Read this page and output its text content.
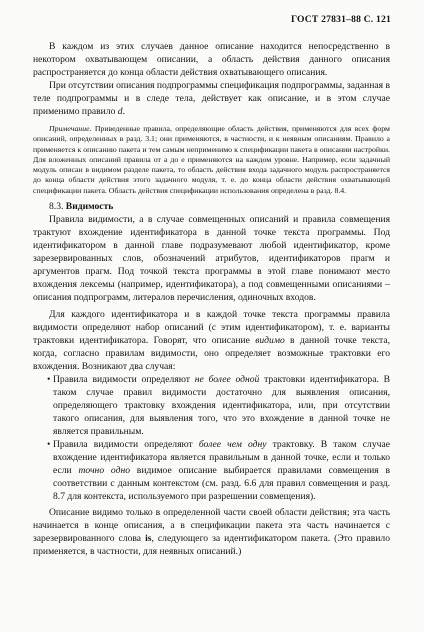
ГОСТ 27831–88 С. 121

В каждом из этих случаев данное описание находится непосредственно в некотором охватывающем описании, а область действия данного описания распространяется до конца области действия охватывающего описания.

При отсутствии описания подпрограммы спецификация подпрограммы, заданная в теле подпрограммы и в следе тела, действует как описание, и в этом случае применимо правило d.

Примечание. Приведенные правила, определяющие область действия, применяются для всех форм описаний, определенных в разд. 3.1; они применяются, в частности, и к неявным описаниям. Правило a применяется к описанию пакета и тем самым неприменимо к спецификации пакета в описании настройки. Для вложенных описаний правила от a до e применяются на каждом уровне. Например, если задачный модуль описан в видимом разделе пакета, то область действия входа задачного модуль распространяется до конца области действия этого задачного модуля, т. е. до конца области действия охватывающей спецификации пакета. Область действия спецификации использования определена в разд. 8.4.

8.3. Видимость

Правила видимости, а в случае совмещенных описаний и правила совмещения трактуют вхождение идентификатора в данной точке текста программы. Под идентификатором в данной главе подразумевают любой идентификатор, кроме зарезервированных слов, обозначений атрибутов, идентификаторов прагм и аргументов прагм. Под точкой текста программы в этой главе понимают место вхождения лексемы (например, идентификатора), а под совмещенными описаниями – описания подпрограмм, литералов перечисления, одиночных входов.

Для каждого идентификатора и в каждой точке текста программы правила видимости определяют набор описаний (с этим идентификатором), т. е. варианты трактовки идентификатора. Говорят, что описание видимо в данной точке текста, когда, согласно правилам видимости, оно определяет возможные трактовки его вхождения. Возникают два случая:

• Правила видимости определяют не более одной трактовки идентификатора. В таком случае правил видимости достаточно для выявления описания, определяющего трактовку вхождения идентификатора, или, при отсутствии такого описания, для выявления того, что это вхождение в данной точке не является правильным.

• Правила видимости определяют более чем одну трактовку. В таком случае вхождение идентификатора является правильным в данной точке, если и только если точно одно видимое описание выбирается правилами совмещения в соответствии с данным контекстом (см. разд. 6.6 для правил совмещения и разд. 8.7 для контекста, используемого при разрешении совмещения).

Описание видимо только в определенной части своей области действия; эта часть начинается в конце описания, а в спецификации пакета эта часть начинается с зарезервированного слова is, следующего за идентификатором пакета. (Это правило применяется, в частности, для неявных описаний.)
